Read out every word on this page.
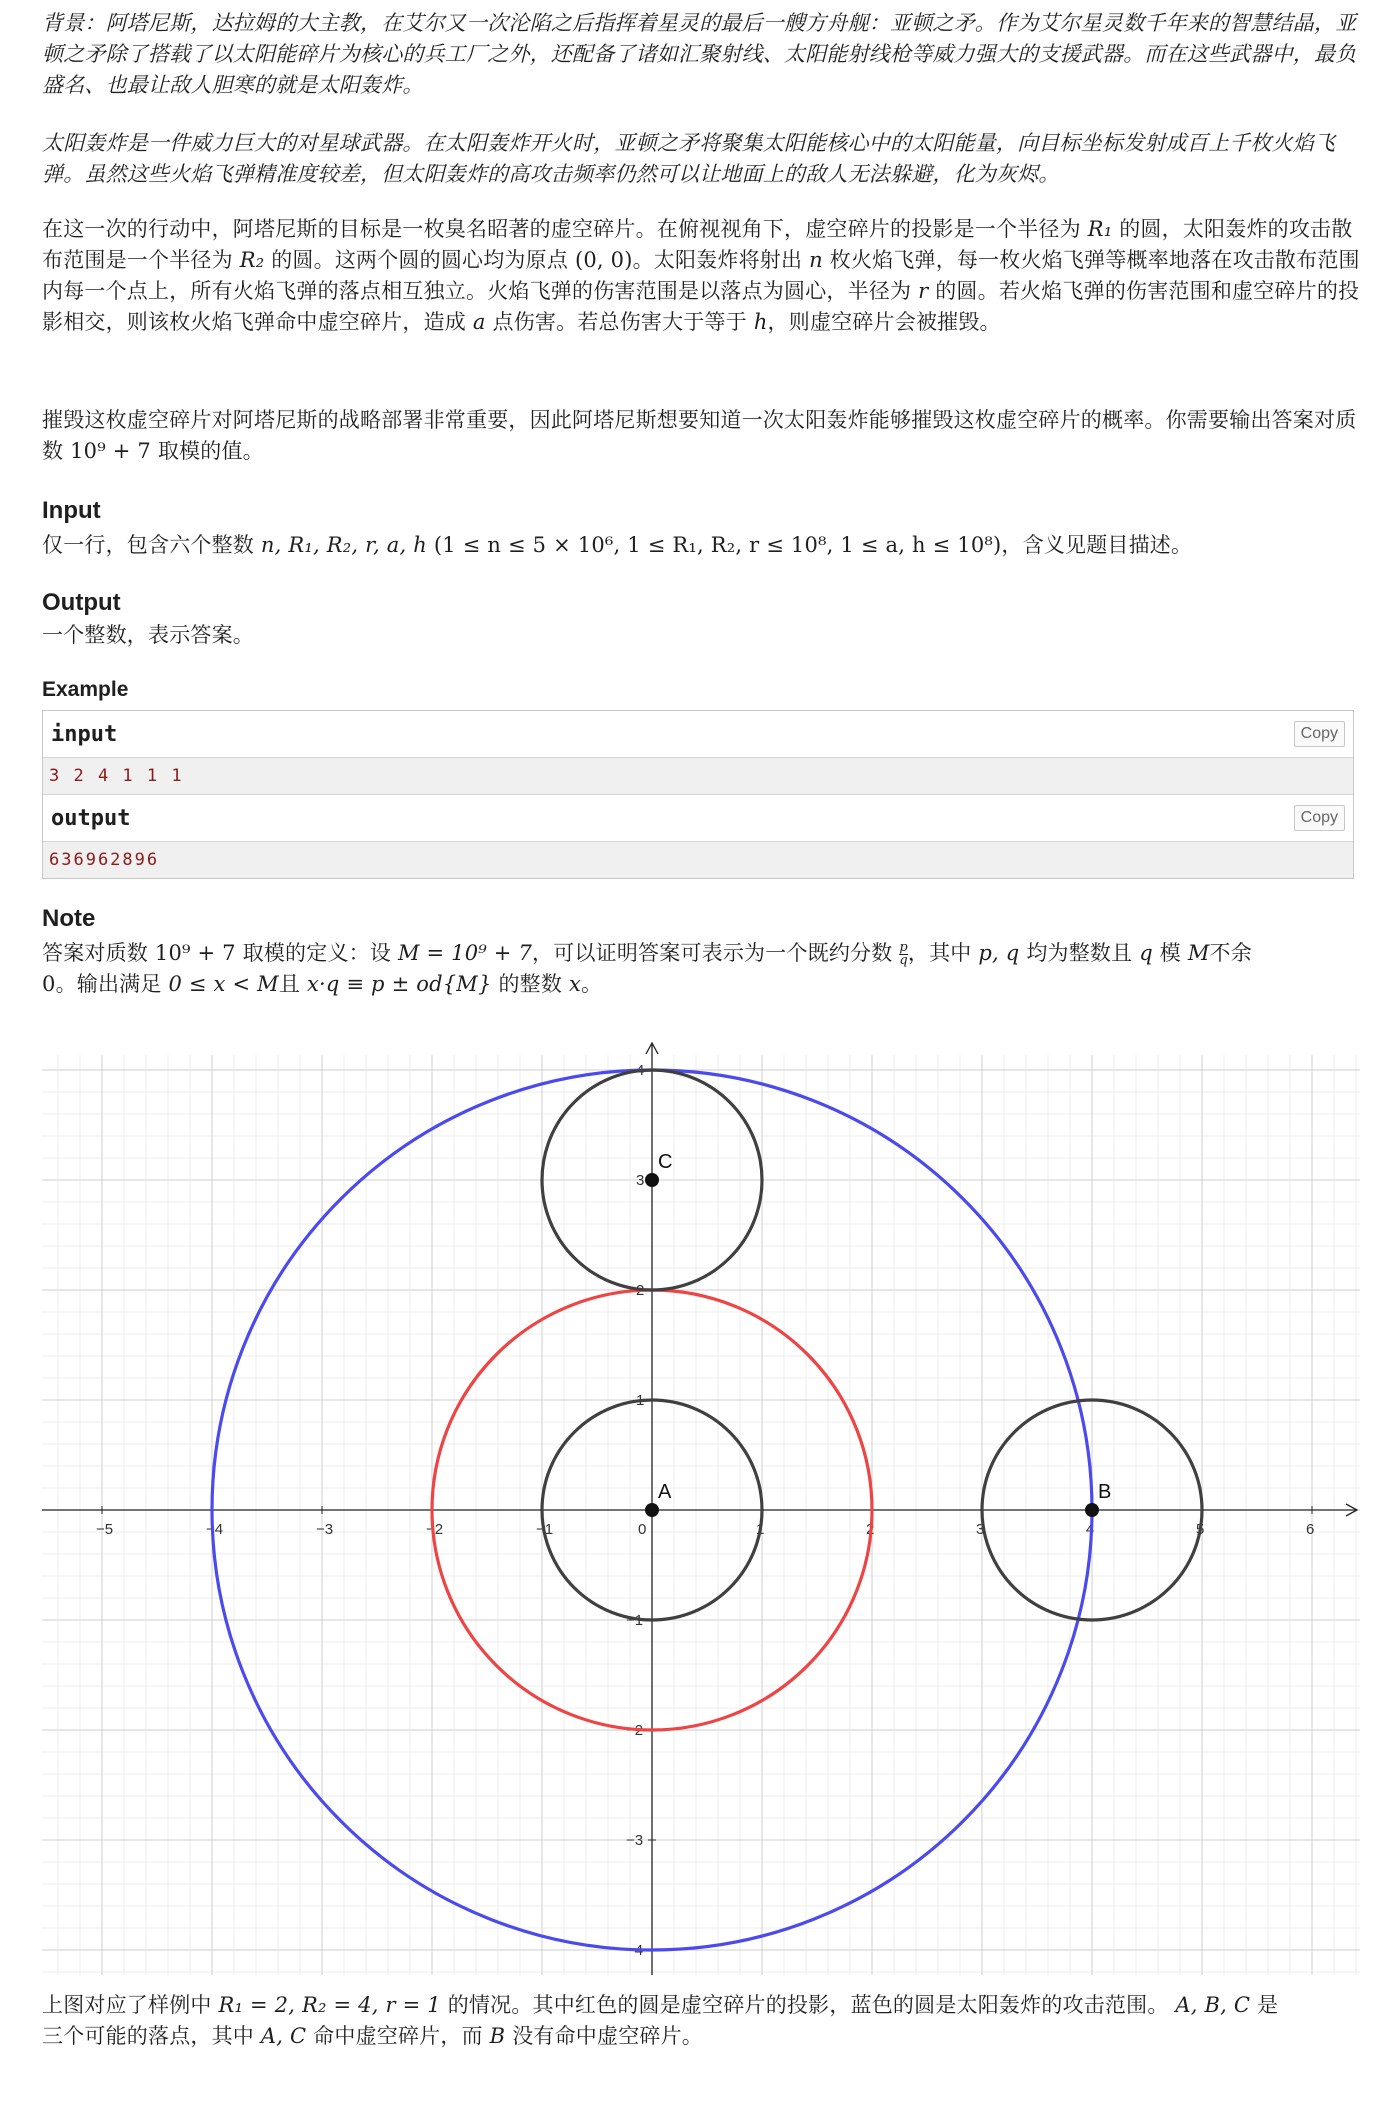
背景：阿塔尼斯，达拉姆的大主教，在艾尔又一次沦陷之后指挥着星灵的最后一艘方舟舰：亚顿之矛。作为艾尔星灵数千年来的智慧结晶，亚顿之矛除了搭载了以太阳能碎片为核心的兵工厂之外，还配备了诸如汇聚射线、太阳能射线枪等威力强大的支援武器。而在这些武器中，最负盛名、也最让敌人胆寒的就是太阳轰炸。

太阳轰炸是一件威力巨大的对星球武器。在太阳轰炸开火时，亚顿之矛将聚集太阳能核心中的太阳能量，向目标坐标发射成百上千枚火焰飞弹。虽然这些火焰飞弹精准度较差，但太阳轰炸的高攻击频率仍然可以让地面上的敌人无法躲避，化为灰烬。

在这一次的行动中，阿塔尼斯的目标是一枚臭名昭著的虚空碎片。在俯视视角下，虚空碎片的投影是一个半径为 R₁ 的圆，太阳轰炸的攻击散布范围是一个半径为 R₂ 的圆。这两个圆的圆心均为原点 (0, 0)。太阳轰炸将射出 n 枚火焰飞弹，每一枚火焰飞弹等概率地落在攻击散布范围内每一个点上，所有火焰飞弹的落点相互独立。火焰飞弹的伤害范围是以落点为圆心，半径为 r 的圆。若火焰飞弹的伤害范围和虚空碎片的投影相交，则该枚火焰飞弹命中虚空碎片，造成 a 点伤害。若总伤害大于等于 h，则虚空碎片会被摧毁。

摧毁这枚虚空碎片对阿塔尼斯的战略部署非常重要，因此阿塔尼斯想要知道一次太阳轰炸能够摧毁这枚虚空碎片的概率。你需要输出答案对质数 10⁹ + 7 取模的值。

Input

仅一行，包含六个整数 n, R₁, R₂, r, a, h (1 ≤ n ≤ 5 × 10⁶, 1 ≤ R₁, R₂, r ≤ 10⁸, 1 ≤ a, h ≤ 10⁸)，含义见题目描述。

Output

一个整数，表示答案。

Example
input	Copy
3 2 4 1 1 1
output	Copy
636962896
Note

答案对质数 10⁹ + 7 取模的定义：设 M = 10⁹ + 7，可以证明答案可表示为一个既约分数 $\frac{p}{q}$ ，其中 p, q 均为整数且 q 模 M不余
0。输出满足 0 ≤ x < M且 x·q ≡ p ± od{M} 的整数 x。

−5	−4	−3	−2	−1	0	1	2	3	4	5	6
4
3
2
1
−1
−2
−3
−4
A	B
C

上图对应了样例中 R₁ = 2, R₂ = 4, r = 1 的情况。其中红色的圆是虚空碎片的投影，蓝色的圆是太阳轰炸的攻击范围。 A, B, C 是
三个可能的落点，其中 A, C 命中虚空碎片，而 B 没有命中虚空碎片。
